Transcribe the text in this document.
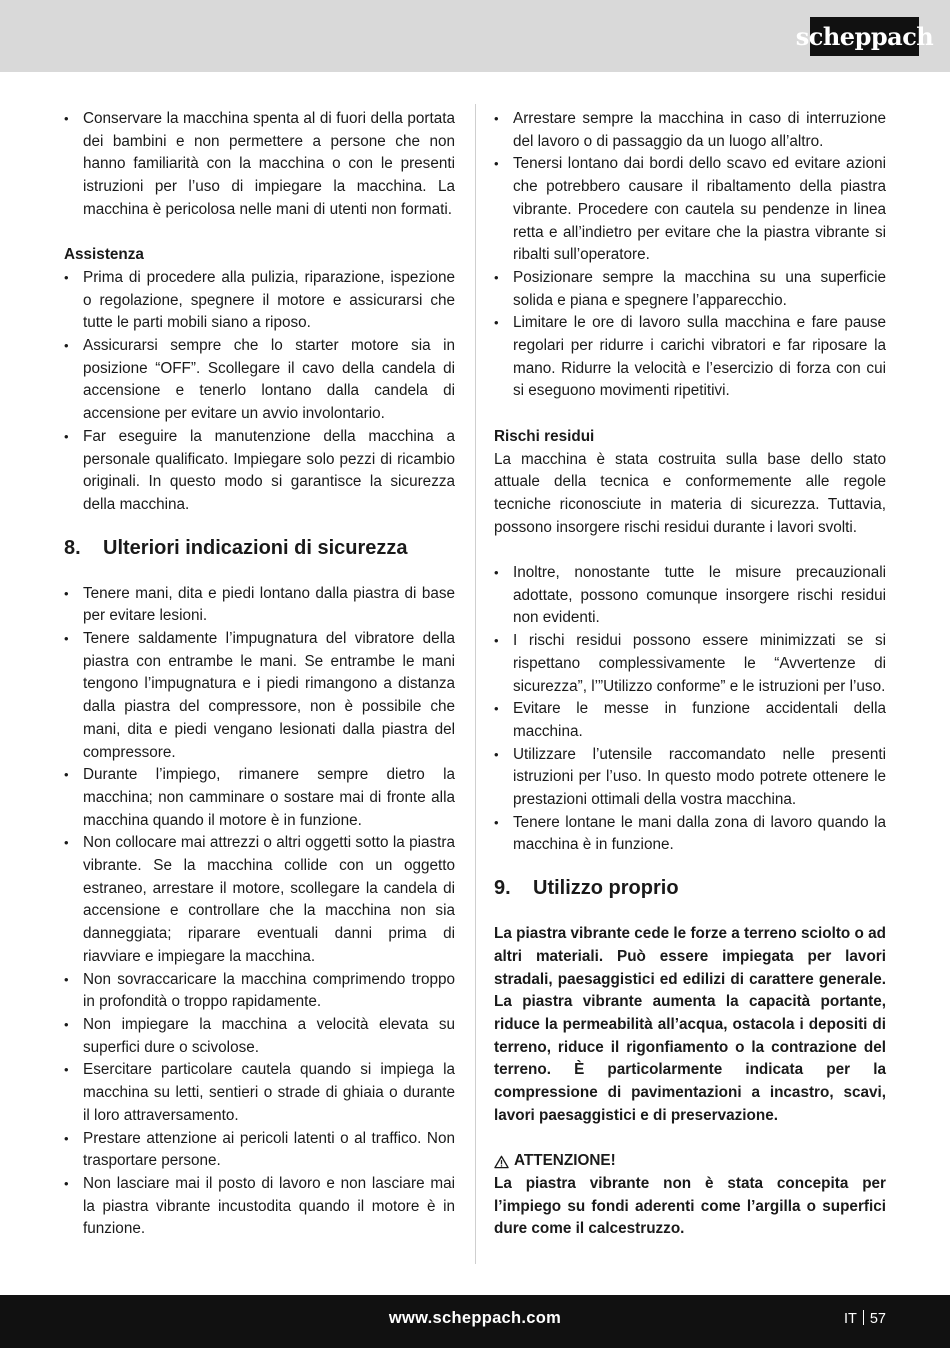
scheppach
• Conservare la macchina spenta al di fuori della portata dei bambini e non permettere a persone che non hanno familiarità con la macchina o con le presenti istruzioni per l’uso di impiegare la macchina. La macchina è pericolosa nelle mani di utenti non formati.

Assistenza

• Prima di procedere alla pulizia, riparazione, ispezione o regolazione, spegnere il motore e assicurarsi che tutte le parti mobili siano a riposo.
• Assicurarsi sempre che lo starter motore sia in posizione “OFF”. Scollegare il cavo della candela di accensione e tenerlo lontano dalla candela di accensione per evitare un avvio involontario.
• Far eseguire la manutenzione della macchina a personale qualificato. Impiegare solo pezzi di ricambio originali. In questo modo si garantisce la sicurezza della macchina.
8.	Ulteriori indicazioni di sicurezza
• Tenere mani, dita e piedi lontano dalla piastra di base per evitare lesioni.
• Tenere saldamente l’impugnatura del vibratore della piastra con entrambe le mani. Se entrambe le mani tengono l’impugnatura e i piedi rimangono a distanza dalla piastra del compressore, non è possibile che mani, dita e piedi vengano lesionati dalla piastra del compressore.
• Durante l’impiego, rimanere sempre dietro la macchina; non camminare o sostare mai di fronte alla macchina quando il motore è in funzione.
• Non collocare mai attrezzi o altri oggetti sotto la piastra vibrante. Se la macchina collide con un oggetto estraneo, arrestare il motore, scollegare la candela di accensione e controllare che la macchina non sia danneggiata; riparare eventuali danni prima di riavviare e impiegare la macchina.
• Non sovraccaricare la macchina comprimendo troppo in profondità o troppo rapidamente.
• Non impiegare la macchina a velocità elevata su superfici dure o scivolose.
• Esercitare particolare cautela quando si impiega la macchina su letti, sentieri o strade di ghiaia o durante il loro attraversamento.
• Prestare attenzione ai pericoli latenti o al traffico. Non trasportare persone.
• Non lasciare mai il posto di lavoro e non lasciare mai la piastra vibrante incustodita quando il motore è in funzione.
• Arrestare sempre la macchina in caso di interruzione del lavoro o di passaggio da un luogo all’altro.
• Tenersi lontano dai bordi dello scavo ed evitare azioni che potrebbero causare il ribaltamento della piastra vibrante. Procedere con cautela su pendenze in linea retta e all’indietro per evitare che la piastra vibrante si ribalti sull’operatore.
• Posizionare sempre la macchina su una superficie solida e piana e spegnere l’apparecchio.
• Limitare le ore di lavoro sulla macchina e fare pause regolari per ridurre i carichi vibratori e far riposare la mano. Ridurre la velocità e l’esercizio di forza con cui si eseguono movimenti ripetitivi.

Rischi residui

La macchina è stata costruita sulla base dello stato attuale della tecnica e conformemente alle regole tecniche riconosciute in materia di sicurezza. Tuttavia, possono insorgere rischi residui durante i lavori svolti.

• Inoltre, nonostante tutte le misure precauzionali adottate, possono comunque insorgere rischi residui non evidenti.
• I rischi residui possono essere minimizzati se si rispettano complessivamente le “Avvertenze di sicurezza”, l’”Utilizzo conforme” e le istruzioni per l’uso.
• Evitare le messe in funzione accidentali della macchina.
• Utilizzare l’utensile raccomandato nelle presenti istruzioni per l’uso. In questo modo potrete ottenere le prestazioni ottimali della vostra macchina.
• Tenere lontane le mani dalla zona di lavoro quando la macchina è in funzione.
9.	Utilizzo proprio

La piastra vibrante cede le forze a terreno sciolto o ad altri materiali. Può essere impiegata per lavori stradali, paesaggistici ed edilizi di carattere generale. La piastra vibrante aumenta la capacità portante, riduce la permeabilità all’acqua, ostacola i depositi di terreno, riduce il rigonfiamento o la contrazione del terreno. È particolarmente indicata per la compressione di pavimentazioni a incastro, scavi, lavori paesaggistici e di preservazione.

ATTENZIONE!

La piastra vibrante non è stata concepita per l’impiego su fondi aderenti come l’argilla o superfici dure come il calcestruzzo.

www.scheppach.com	IT 57
